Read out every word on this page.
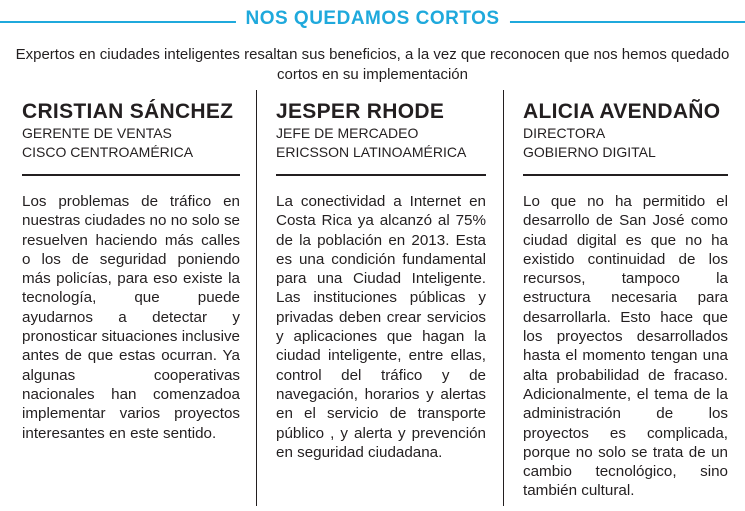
NOS QUEDAMOS CORTOS
Expertos en ciudades inteligentes resaltan sus beneficios, a la vez que reconocen que nos hemos quedado cortos en su implementación
CRISTIAN SÁNCHEZ
GERENTE DE VENTAS
CISCO CENTROAMÉRICA
Los problemas de tráfico en nuestras ciudades no no solo se resuelven haciendo más calles o los de seguridad poniendo más policías, para eso existe la tecnología, que puede ayudarnos a detectar y pronosticar situaciones inclusive antes de que estas ocurran. Ya algunas cooperativas nacionales han comenzadoa implementar varios proyectos interesantes en este sentido.
JESPER RHODE
JEFE DE MERCADEO
ERICSSON LATINOAMÉRICA
La conectividad a Internet en Costa Rica ya alcanzó al 75% de la población en 2013. Esta es una condición fundamental para una Ciudad Inteligente. Las instituciones públicas y privadas deben crear servicios y aplicaciones que hagan la ciudad inteligente, entre ellas, control del tráfico y de navegación, horarios y alertas en el servicio de transporte público , y alerta y prevención en seguridad ciudadana.
ALICIA AVENDAÑO
DIRECTORA
GOBIERNO DIGITAL
Lo que no ha permitido el desarrollo de San José como ciudad digital es que no ha existido continuidad de los recursos, tampoco la estructura necesaria para desarrollarla. Esto hace que los proyectos desarrollados hasta el momento tengan una alta probabilidad de fracaso. Adicionalmente, el tema de la administración de los proyectos es complicada, porque no solo se trata de un cambio tecnológico, sino también cultural.
